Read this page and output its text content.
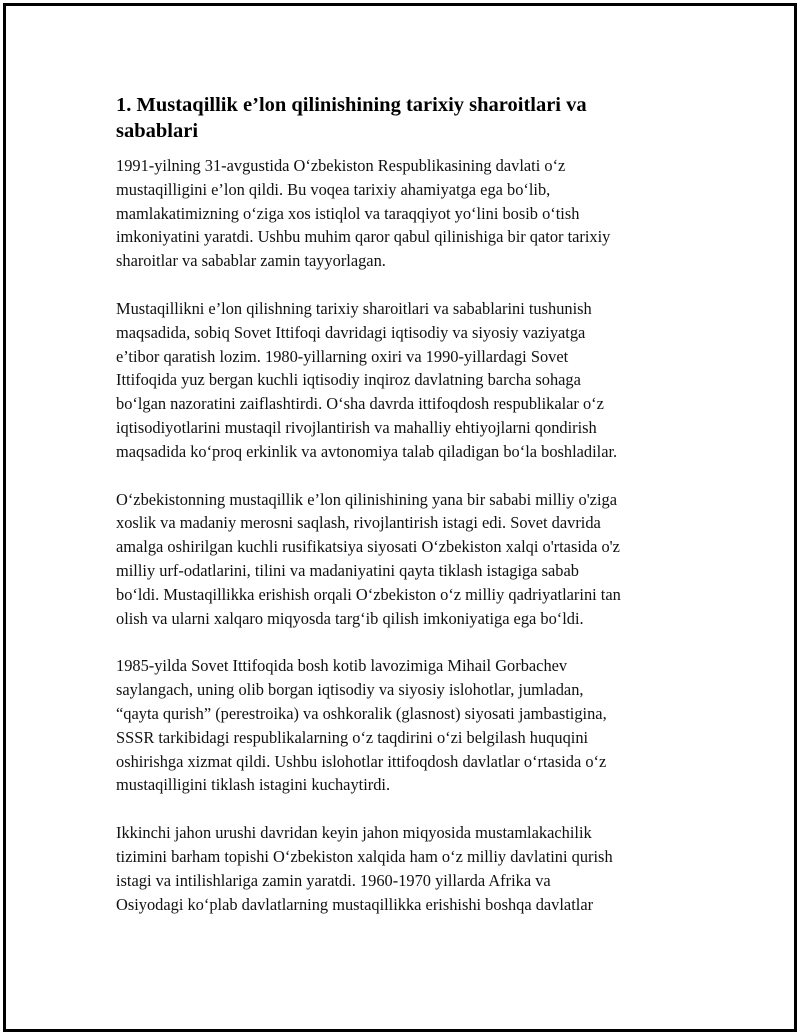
1. Mustaqillik e’lon qilinishining tarixiy sharoitlari va
sabablari

1991-yilning 31-avgustida O‘zbekiston Respublikasining davlati o‘z
mustaqilligini e’lon qildi. Bu voqea tarixiy ahamiyatga ega bo‘lib,
mamlakatimizning o‘ziga xos istiqlol va taraqqiyot yo‘lini bosib o‘tish
imkoniyatini yaratdi. Ushbu muhim qaror qabul qilinishiga bir qator tarixiy
sharoitlar va sabablar zamin tayyorlagan.

Mustaqillikni e’lon qilishning tarixiy sharoitlari va sabablarini tushunish
maqsadida, sobiq Sovet Ittifoqi davridagi iqtisodiy va siyosiy vaziyatga
e’tibor qaratish lozim. 1980-yillarning oxiri va 1990-yillardagi Sovet
Ittifoqida yuz bergan kuchli iqtisodiy inqiroz davlatning barcha sohaga
bo‘lgan nazoratini zaiflashtirdi. O‘sha davrda ittifoqdosh respublikalar o‘z
iqtisodiyotlarini mustaqil rivojlantirish va mahalliy ehtiyojlarni qondirish
maqsadida ko‘proq erkinlik va avtonomiya talab qiladigan bo‘la boshladilar.

O‘zbekistonning mustaqillik e’lon qilinishining yana bir sababi milliy o'ziga
xoslik va madaniy merosni saqlash, rivojlantirish istagi edi. Sovet davrida
amalga oshirilgan kuchli rusifikatsiya siyosati O‘zbekiston xalqi o'rtasida o'z
milliy urf-odatlarini, tilini va madaniyatini qayta tiklash istagiga sabab
bo‘ldi. Mustaqillikka erishish orqali O‘zbekiston o‘z milliy qadriyatlarini tan
olish va ularni xalqaro miqyosda targ‘ib qilish imkoniyatiga ega bo‘ldi.

1985-yilda Sovet Ittifoqida bosh kotib lavozimiga Mihail Gorbachev
saylangach, uning olib borgan iqtisodiy va siyosiy islohotlar, jumladan,
“qayta qurish” (perestroika) va oshkoralik (glasnost) siyosati jambastigina,
SSSR tarkibidagi respublikalarning o‘z taqdirini o‘zi belgilash huquqini
oshirishga xizmat qildi. Ushbu islohotlar ittifoqdosh davlatlar o‘rtasida o‘z
mustaqilligini tiklash istagini kuchaytirdi.

Ikkinchi jahon urushi davridan keyin jahon miqyosida mustamlakachilik
tizimini barham topishi O‘zbekiston xalqida ham o‘z milliy davlatini qurish
istagi va intilishlariga zamin yaratdi. 1960-1970 yillarda Afrika va
Osiyodagi ko‘plab davlatlarning mustaqillikka erishishi boshqa davlatlar
